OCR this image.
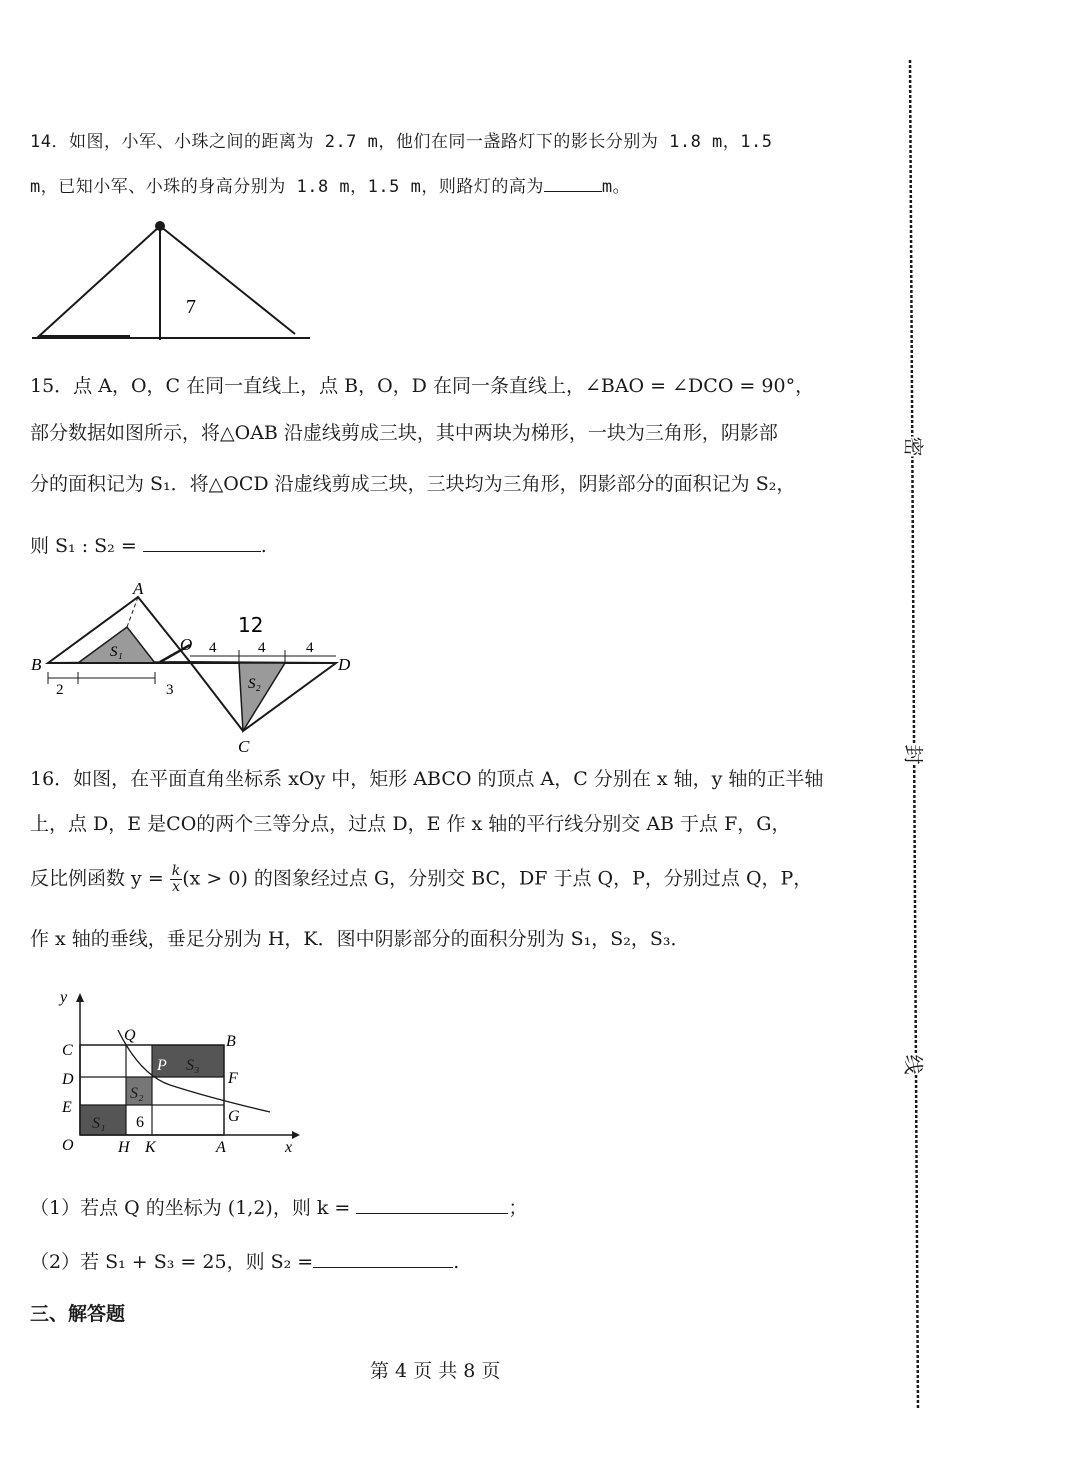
14．如图，小军、小珠之间的距离为 2.7 m，他们在同一盏路灯下的影长分别为 1.8 m，1.5
m，已知小军、小珠的身高分别为 1.8 m，1.5 m，则路灯的高为	m。
7
15．点 A，O，C 在同一直线上，点 B，O，D 在同一条直线上，∠BAO = ∠DCO = 90°，
部分数据如图所示，将△OAB 沿虚线剪成三块，其中两块为梯形，一块为三角形，阴影部
分的面积记为 S₁．将△OCD 沿虚线剪成三块，三块均为三角形，阴影部分的面积记为 S₂，
则 S₁ : S₂ =	.
A
B
O
C
D
S₁
S₂
2	3
4	4	4
12
16．如图，在平面直角坐标系 xOy 中，矩形 ABCO 的顶点 A，C 分别在 x 轴，y 轴的正半轴
上，点 D，E 是CO的两个三等分点，过点 D，E 作 x 轴的平行线分别交 AB 于点 F，G，
反比例函数 $y = \frac{k}{x} (x > 0)$ 的图象经过点 G，分别交 BC，DF 于点 Q，P，分别过点 Q，P，
作 x 轴的垂线，垂足分别为 H，K．图中阴影部分的面积分别为 S₁，S₂，S₃．
y
x
O
C
D
E
Q	B
F
G
P
H K	A
S₁
S₂
S₃
6
（1）若点 Q 的坐标为 (1,2)，则 k =	；
（2）若 S₁ + S₃ = 25，则 S₂ =	.
三、解答题
第 4 页 共 8 页
密
封
线
